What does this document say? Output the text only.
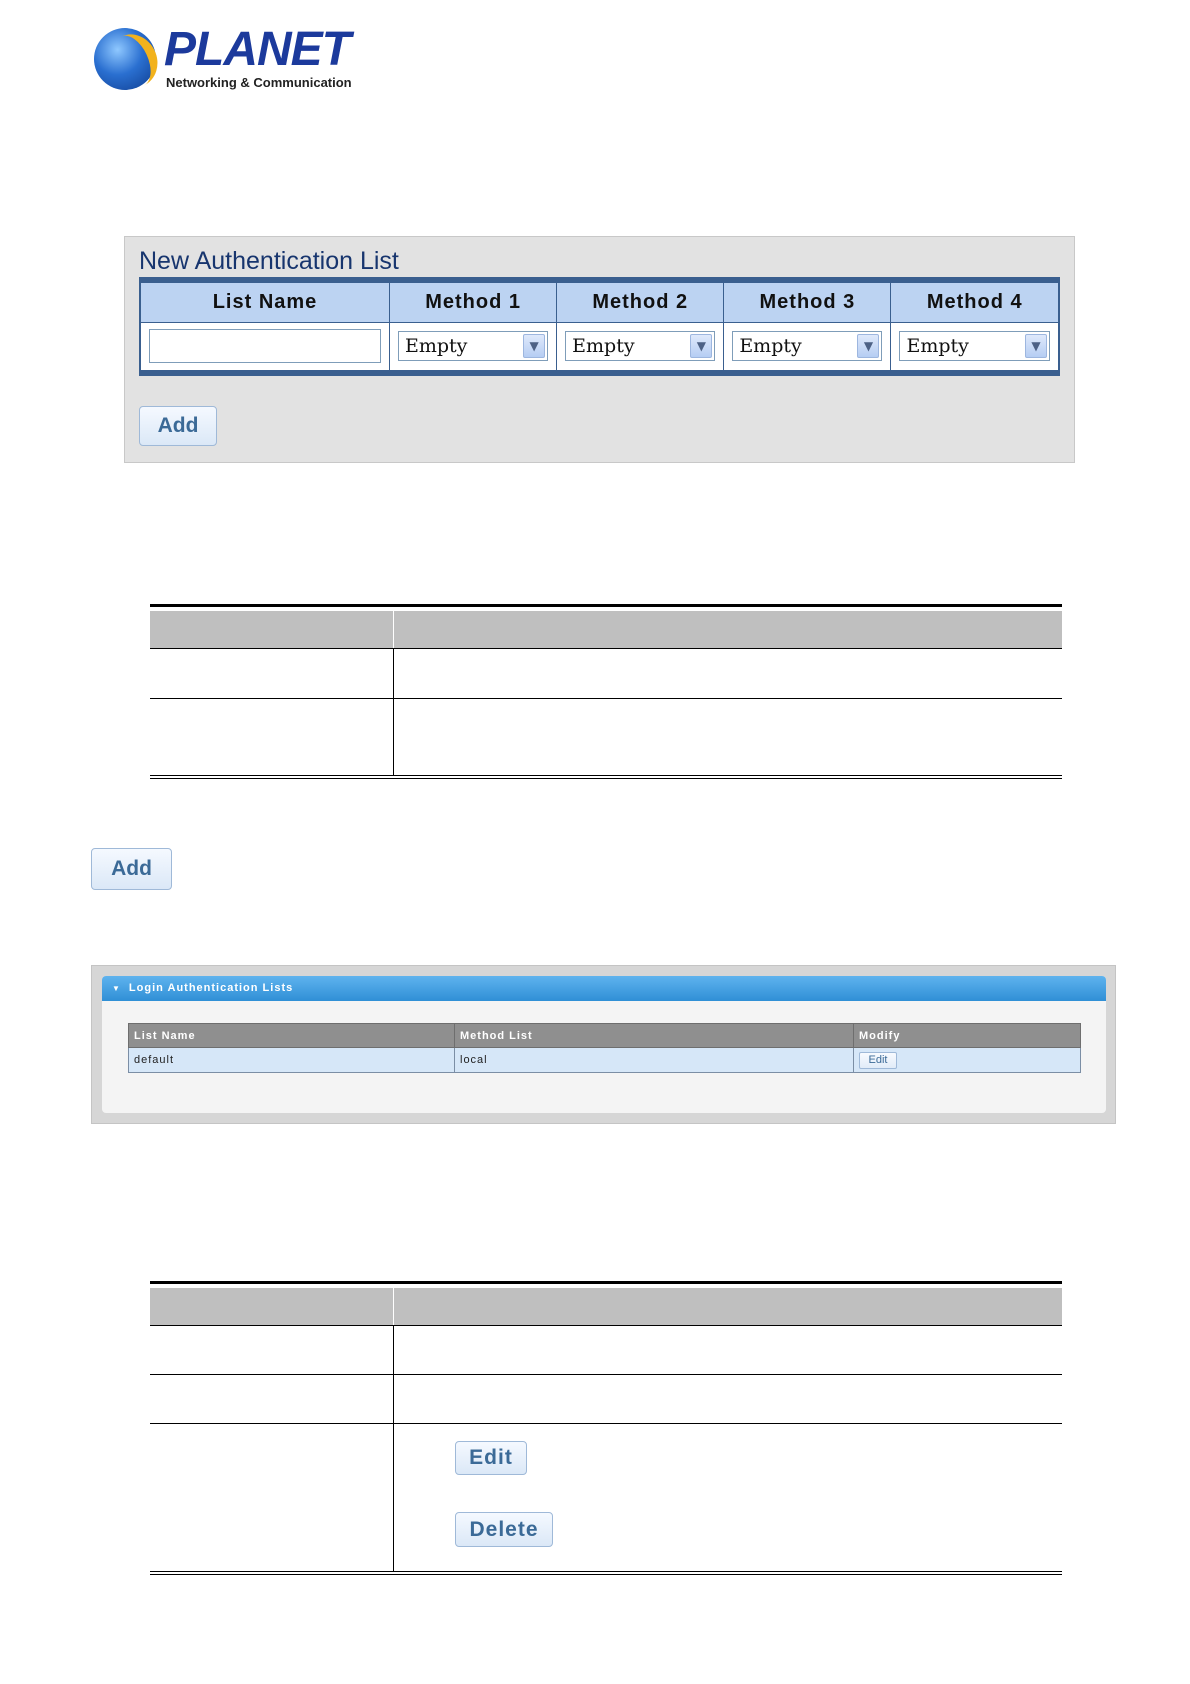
PLANET
Networking & Communication
New Authentication List
List Name	Method 1	Method 2	Method 3	Method 4

	Empty ▼	Empty ▼	Empty ▼	Empty ▼
Add
Add
▼ Login Authentication Lists
List Name	Method List	Modify
default	local	Edit
Edit
Delete
